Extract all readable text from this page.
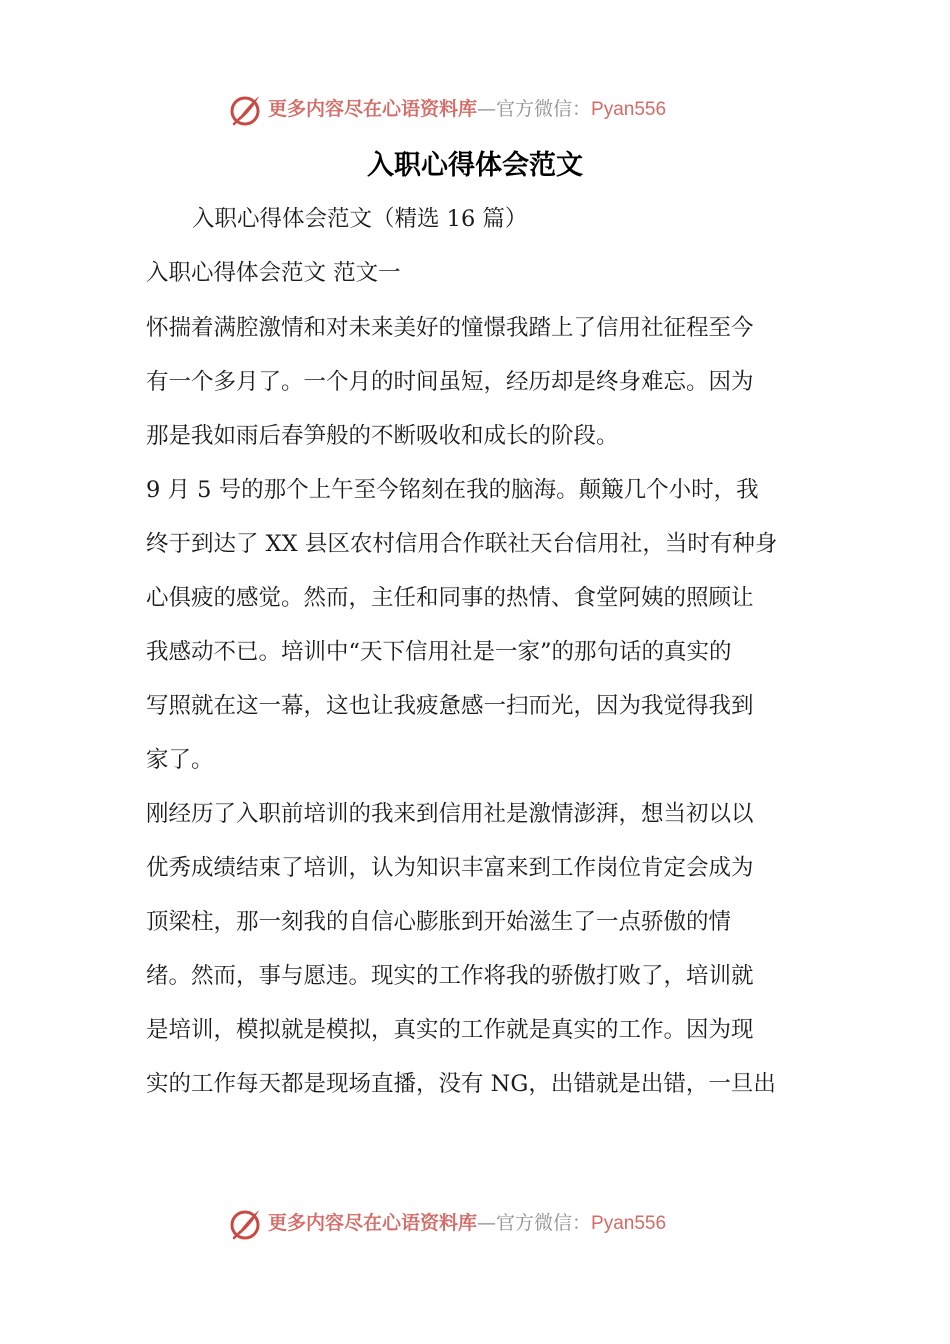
更多内容尽在心语资料库—官方微信：Pyan556
入职心得体会范文
入职心得体会范文（精选 16 篇）
入职心得体会范文 范文一
怀揣着满腔激情和对未来美好的憧憬我踏上了信用社征程至今
有一个多月了。一个月的时间虽短，经历却是终身难忘。因为
那是我如雨后春笋般的不断吸收和成长的阶段。
9 月 5 号的那个上午至今铭刻在我的脑海。颠簸几个小时，我
终于到达了 XX 县区农村信用合作联社天台信用社，当时有种身
心俱疲的感觉。然而，主任和同事的热情、食堂阿姨的照顾让
我感动不已。培训中“天下信用社是一家”的那句话的真实的
写照就在这一幕，这也让我疲惫感一扫而光，因为我觉得我到
家了。
刚经历了入职前培训的我来到信用社是激情澎湃，想当初以以
优秀成绩结束了培训，认为知识丰富来到工作岗位肯定会成为
顶梁柱，那一刻我的自信心膨胀到开始滋生了一点骄傲的情
绪。然而，事与愿违。现实的工作将我的骄傲打败了，培训就
是培训，模拟就是模拟，真实的工作就是真实的工作。因为现
实的工作每天都是现场直播，没有 NG，出错就是出错，一旦出
更多内容尽在心语资料库—官方微信：Pyan556
